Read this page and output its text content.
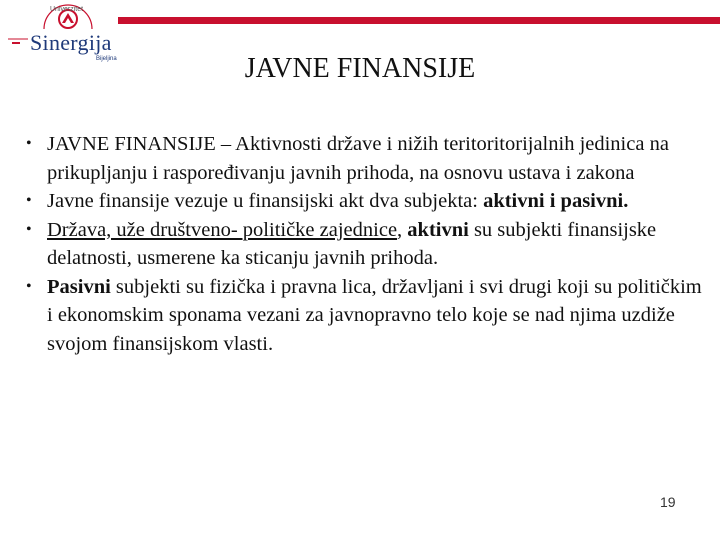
Univerzitet
Sinergija
Bijeljina	JAVNE FINANSIJE
• JAVNE FINANSIJE – Aktivnosti države i nižih teritoritorijalnih jedinica na prikupljanju i raspoređivanju javnih prihoda, na osnovu ustava i zakona
• Javne finansije vezuje u finansijski akt dva subjekta: aktivni i pasivni.
• Država, uže društveno- političke zajednice, aktivni su subjekti finansijske delatnosti, usmerene ka sticanju javnih prihoda.
• Pasivni subjekti su fizička i pravna lica, državljani i svi drugi koji su političkim i ekonomskim sponama vezani za javnopravno telo koje se nad njima uzdiže svojom finansijskom vlasti.
19
